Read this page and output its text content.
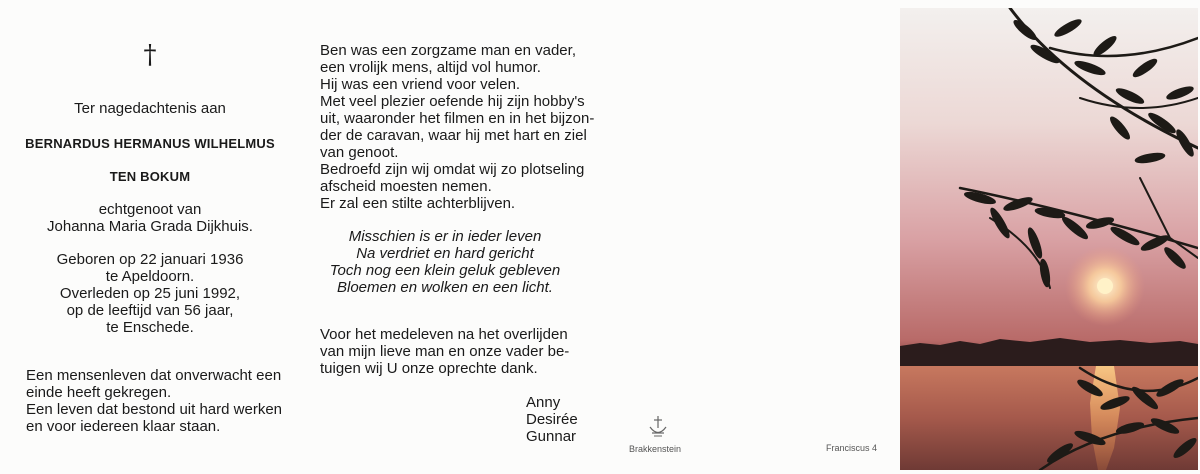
†
Ter nagedachtenis aan
BERNARDUS HERMANUS WILHELMUS
TEN BOKUM
echtgenoot van
Johanna Maria Grada Dijkhuis.
Geboren op 22 januari 1936
te Apeldoorn.
Overleden op 25 juni 1992,
op de leeftijd van 56 jaar,
te Enschede.
Een mensenleven dat onverwacht een
einde heeft gekregen.
Een leven dat bestond uit hard werken
en voor iedereen klaar staan.
Ben was een zorgzame man en vader,
een vrolijk mens, altijd vol humor.
Hij was een vriend voor velen.
Met veel plezier oefende hij zijn hobby's
uit, waaronder het filmen en in het bijzon-
der de caravan, waar hij met hart en ziel
van genoot.
Bedroefd zijn wij omdat wij zo plotseling
afscheid moesten nemen.
Er zal een stilte achterblijven.
Misschien is er in ieder leven
Na verdriet en hard gericht
Toch nog een klein geluk gebleven
Bloemen en wolken en een licht.
Voor het medeleven na het overlijden
van mijn lieve man en onze vader be-
tuigen wij U onze oprechte dank.
Anny
Desirée
Gunnar
Brakkenstein	Franciscus 4
